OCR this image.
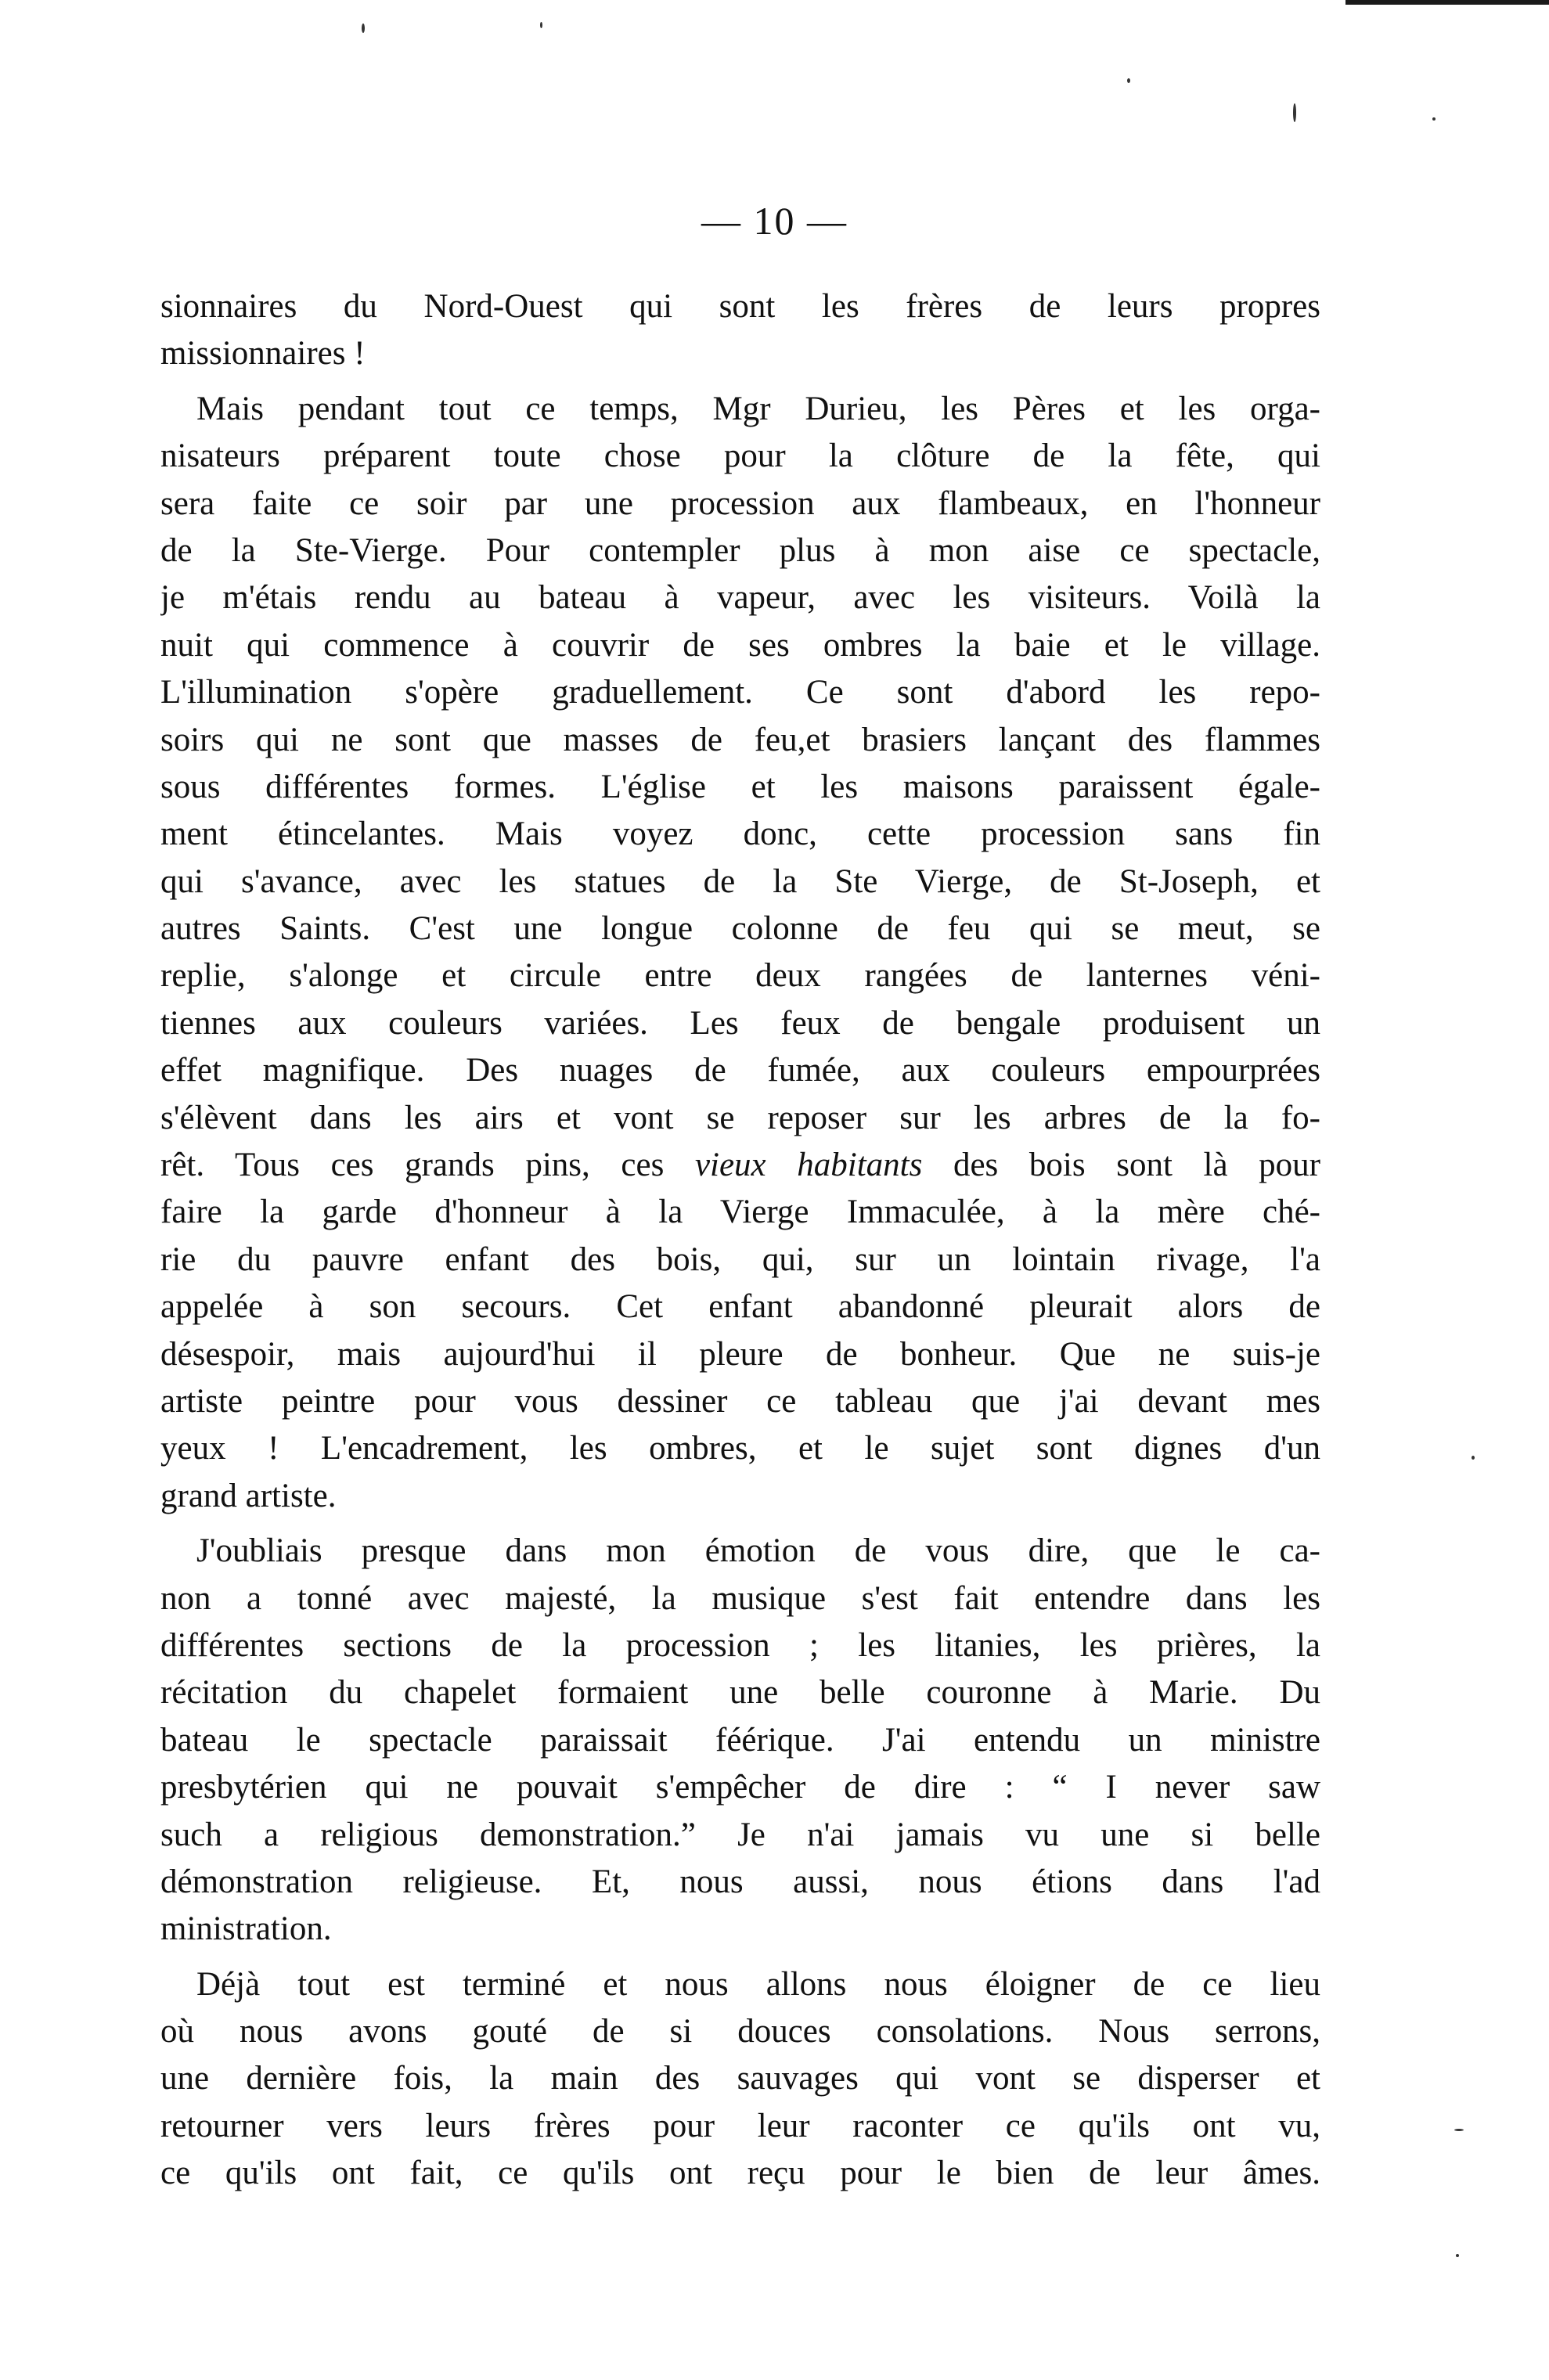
— 10 —
sionnaires du Nord-Ouest qui sont les frères de leurs propres
missionnaires !
Mais pendant tout ce temps, Mgr Durieu, les Pères et les orga-
nisateurs préparent toute chose pour la clôture de la fête, qui
sera faite ce soir par une procession aux flambeaux, en l'honneur
de la Ste-Vierge. Pour contempler plus à mon aise ce spectacle,
je m'étais rendu au bateau à vapeur, avec les visiteurs. Voilà la
nuit qui commence à couvrir de ses ombres la baie et le village.
L'illumination s'opère graduellement. Ce sont d'abord les repo-
soirs qui ne sont que masses de feu,et brasiers lançant des flammes
sous différentes formes. L'église et les maisons paraissent égale-
ment étincelantes. Mais voyez donc, cette procession sans fin
qui s'avance, avec les statues de la Ste Vierge, de St-Joseph, et
autres Saints. C'est une longue colonne de feu qui se meut, se
replie, s'alonge et circule entre deux rangées de lanternes véni-
tiennes aux couleurs variées. Les feux de bengale produisent un
effet magnifique. Des nuages de fumée, aux couleurs empourprées
s'élèvent dans les airs et vont se reposer sur les arbres de la fo-
rêt. Tous ces grands pins, ces vieux habitants des bois sont là pour
faire la garde d'honneur à la Vierge Immaculée, à la mère ché-
rie du pauvre enfant des bois, qui, sur un lointain rivage, l'a
appelée à son secours. Cet enfant abandonné pleurait alors de
désespoir, mais aujourd'hui il pleure de bonheur. Que ne suis-je
artiste peintre pour vous dessiner ce tableau que j'ai devant mes
yeux ! L'encadrement, les ombres, et le sujet sont dignes d'un
grand artiste.
J'oubliais presque dans mon émotion de vous dire, que le ca-
non a tonné avec majesté, la musique s'est fait entendre dans les
différentes sections de la procession ; les litanies, les prières, la
récitation du chapelet formaient une belle couronne à Marie. Du
bateau le spectacle paraissait féérique. J'ai entendu un ministre
presbytérien qui ne pouvait s'empêcher de dire : “ I never saw
such a religious demonstration.” Je n'ai jamais vu une si belle
démonstration religieuse. Et, nous aussi, nous étions dans l'ad
ministration.
Déjà tout est terminé et nous allons nous éloigner de ce lieu
où nous avons gouté de si douces consolations. Nous serrons,
une dernière fois, la main des sauvages qui vont se disperser et
retourner vers leurs frères pour leur raconter ce qu'ils ont vu,
ce qu'ils ont fait, ce qu'ils ont reçu pour le bien de leur âmes.
